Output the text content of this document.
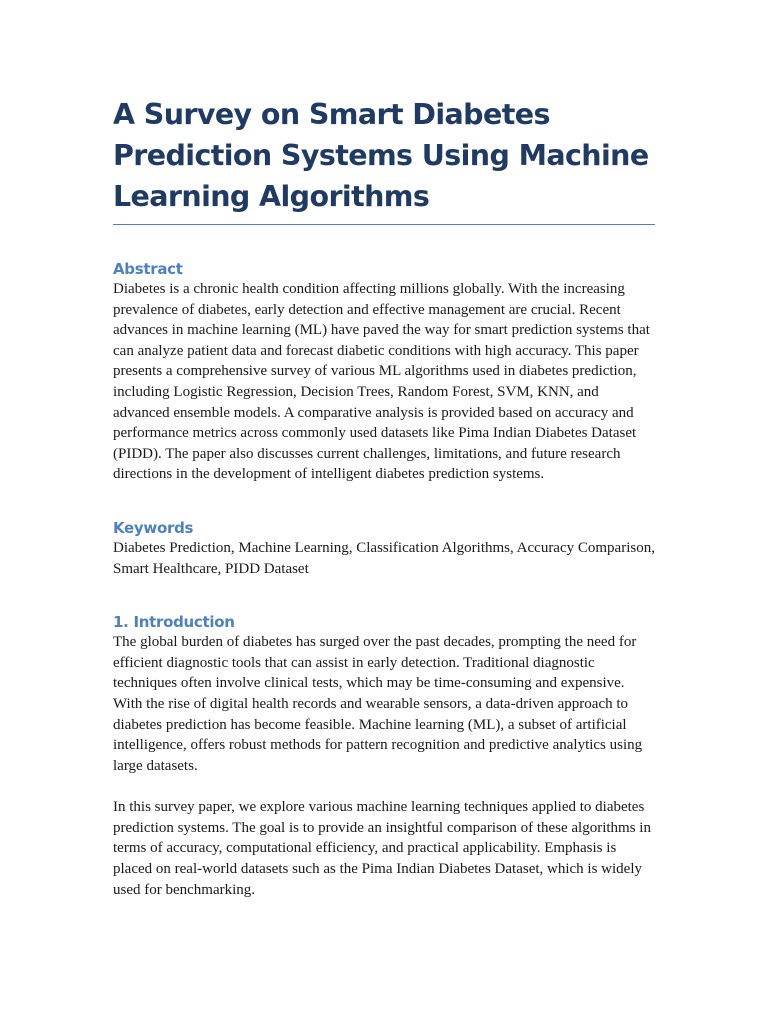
A Survey on Smart Diabetes Prediction Systems Using Machine Learning Algorithms
Abstract

Diabetes is a chronic health condition affecting millions globally. With the increasing prevalence of diabetes, early detection and effective management are crucial. Recent advances in machine learning (ML) have paved the way for smart prediction systems that can analyze patient data and forecast diabetic conditions with high accuracy. This paper presents a comprehensive survey of various ML algorithms used in diabetes prediction, including Logistic Regression, Decision Trees, Random Forest, SVM, KNN, and advanced ensemble models. A comparative analysis is provided based on accuracy and performance metrics across commonly used datasets like Pima Indian Diabetes Dataset (PIDD). The paper also discusses current challenges, limitations, and future research directions in the development of intelligent diabetes prediction systems.

Keywords

Diabetes Prediction, Machine Learning, Classification Algorithms, Accuracy Comparison, Smart Healthcare, PIDD Dataset

1. Introduction

The global burden of diabetes has surged over the past decades, prompting the need for efficient diagnostic tools that can assist in early detection. Traditional diagnostic techniques often involve clinical tests, which may be time-consuming and expensive. With the rise of digital health records and wearable sensors, a data-driven approach to diabetes prediction has become feasible. Machine learning (ML), a subset of artificial intelligence, offers robust methods for pattern recognition and predictive analytics using large datasets.

In this survey paper, we explore various machine learning techniques applied to diabetes prediction systems. The goal is to provide an insightful comparison of these algorithms in terms of accuracy, computational efficiency, and practical applicability. Emphasis is placed on real-world datasets such as the Pima Indian Diabetes Dataset, which is widely used for benchmarking.
